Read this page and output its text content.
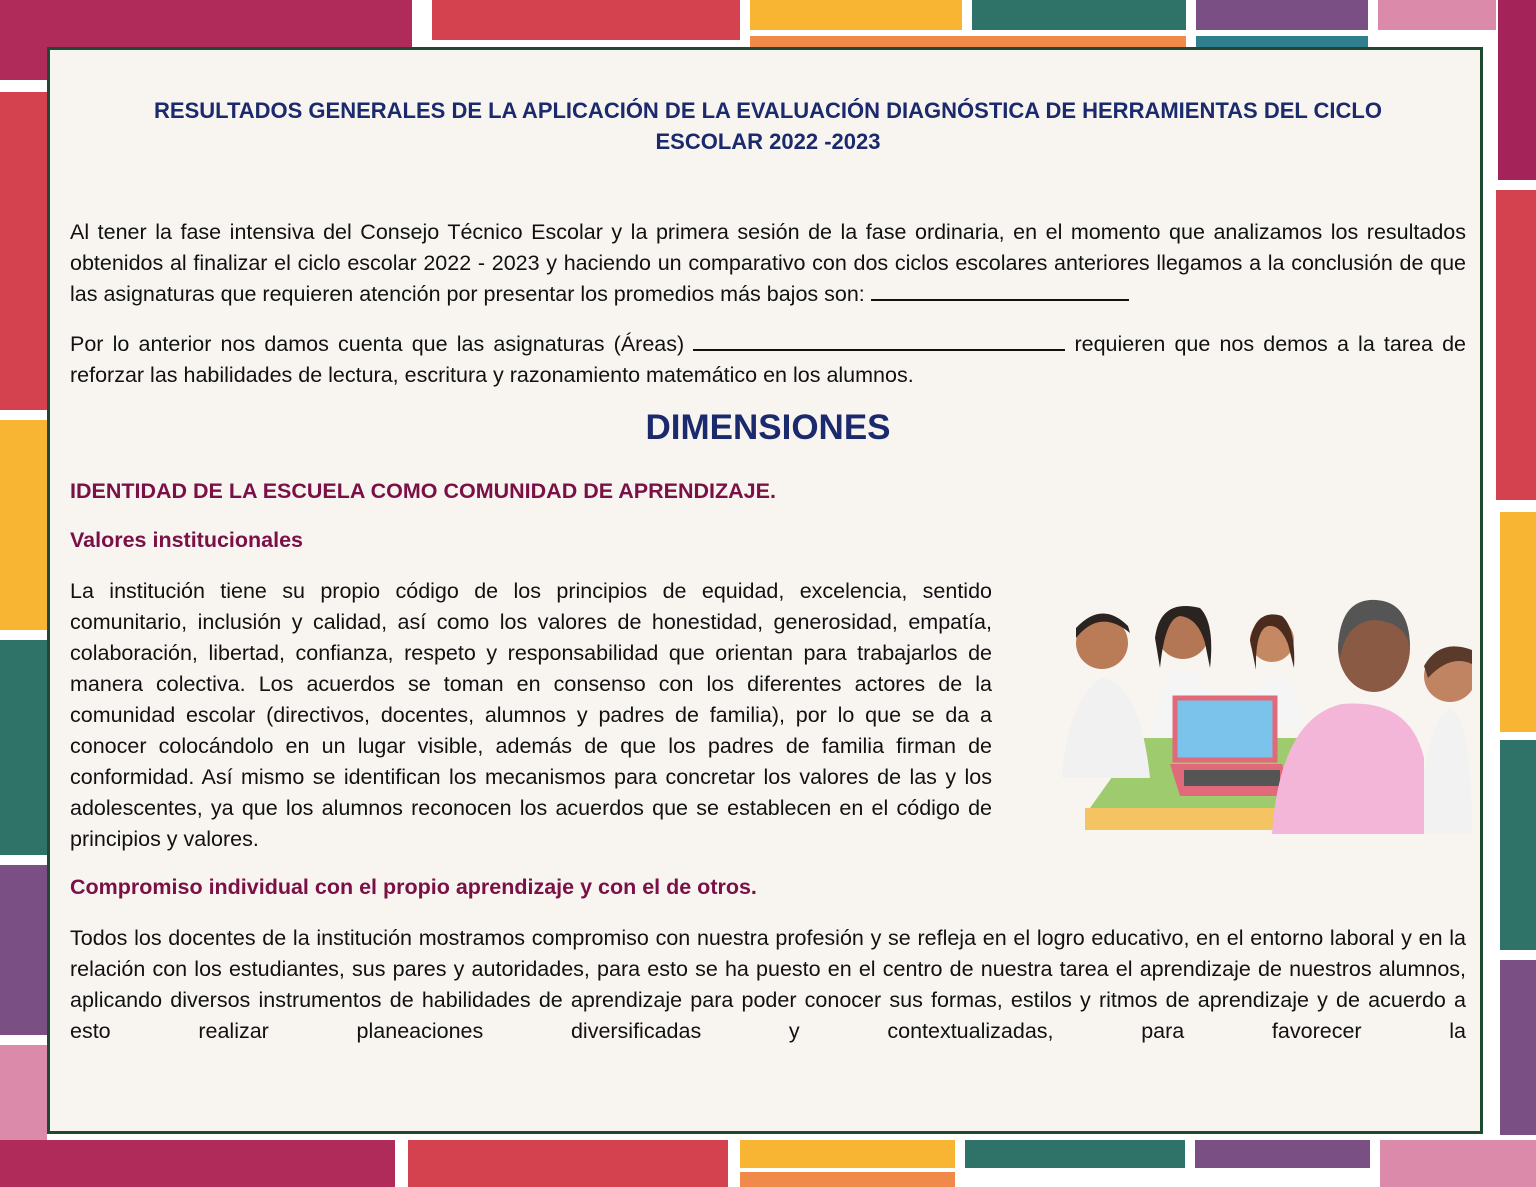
RESULTADOS GENERALES DE LA APLICACIÓN DE LA EVALUACIÓN DIAGNÓSTICA DE HERRAMIENTAS DEL CICLO ESCOLAR 2022 -2023

Al tener la fase intensiva del Consejo Técnico Escolar y la primera sesión de la fase ordinaria, en el momento que analizamos los resultados obtenidos al finalizar el ciclo escolar 2022 - 2023 y haciendo un comparativo con dos ciclos escolares anteriores llegamos a la conclusión de que las asignaturas que requieren atención por presentar los promedios más bajos son:

Por lo anterior nos damos cuenta que las asignaturas (Áreas)	requieren que nos demos a la tarea de reforzar las habilidades de lectura, escritura y razonamiento matemático en los alumnos.

DIMENSIONES
IDENTIDAD DE LA ESCUELA COMO COMUNIDAD DE APRENDIZAJE.
Valores institucionales

La institución tiene su propio código de los principios de equidad, excelencia, sentido comunitario, inclusión y calidad, así como los valores de honestidad, generosidad, empatía, colaboración, libertad, confianza, respeto y responsabilidad que orientan para trabajarlos de manera colectiva. Los acuerdos se toman en consenso con los diferentes actores de la comunidad escolar (directivos, docentes, alumnos y padres de familia), por lo que se da a conocer colocándolo en un lugar visible, además de que los padres de familia firman de conformidad. Así mismo se identifican los mecanismos para concretar los valores de las y los adolescentes, ya que los alumnos reconocen los acuerdos que se establecen en el código de principios y valores.

Compromiso individual con el propio aprendizaje y con el de otros.

Todos los docentes de la institución mostramos compromiso con nuestra profesión y se refleja en el logro educativo, en el entorno laboral y en la relación con los estudiantes, sus pares y autoridades, para esto se ha puesto en el centro de nuestra tarea el aprendizaje de nuestros alumnos, aplicando diversos instrumentos de habilidades de aprendizaje para poder conocer sus formas, estilos y ritmos de aprendizaje y de acuerdo a esto realizar planeaciones diversificadas y contextualizadas, para favorecer la
